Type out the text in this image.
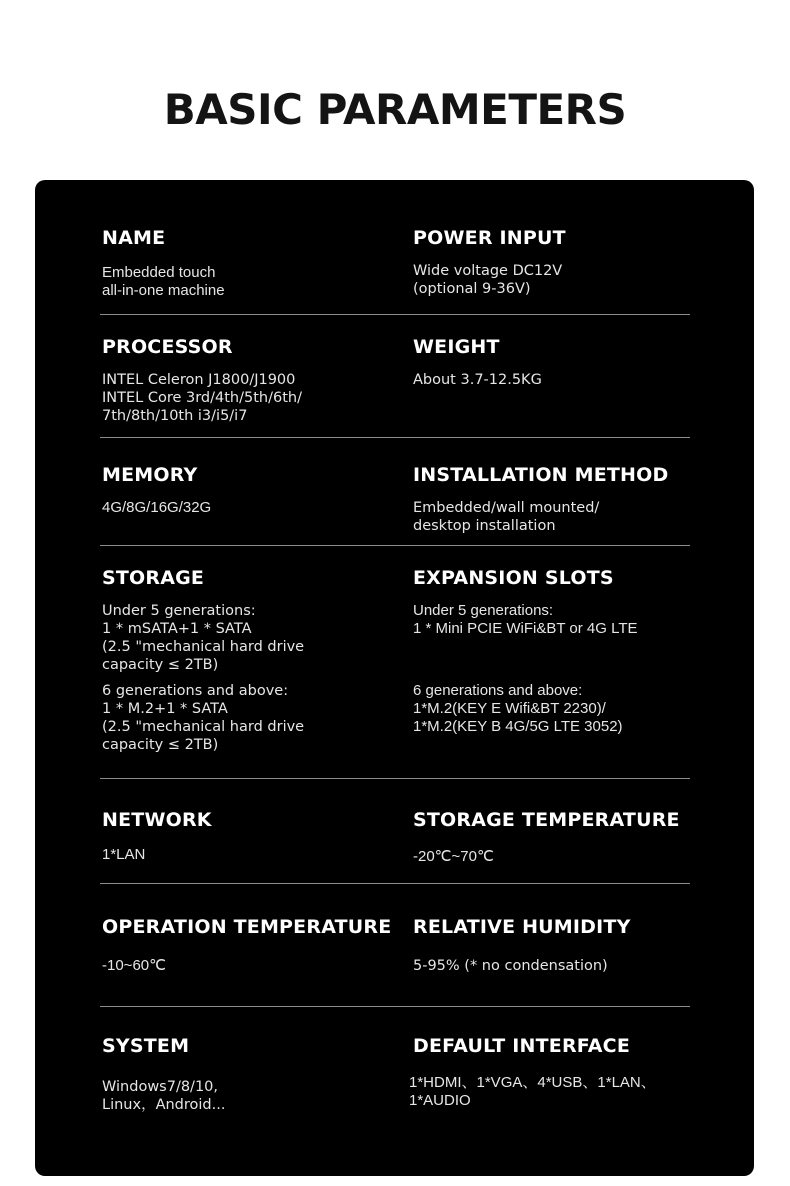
BASIC PARAMETERS
NAME
Embedded touch
all-in-one machine
POWER INPUT
Wide voltage DC12V
(optional 9-36V)
PROCESSOR
INTEL Celeron J1800/J1900
INTEL Core 3rd/4th/5th/6th/
7th/8th/10th i3/i5/i7
WEIGHT
About 3.7-12.5KG
MEMORY
4G/8G/16G/32G
INSTALLATION METHOD
Embedded/wall mounted/
desktop installation
STORAGE
Under 5 generations:
1 * mSATA+1 * SATA
(2.5 "mechanical hard drive
capacity ≤ 2TB)
6 generations and above:
1 * M.2+1 * SATA
(2.5 "mechanical hard drive
capacity ≤ 2TB)
EXPANSION SLOTS
Under 5 generations:
1 * Mini PCIE WiFi&BT or 4G LTE
6 generations and above:
1*M.2(KEY E Wifi&BT 2230)/
1*M.2(KEY B 4G/5G LTE 3052)
NETWORK
1*LAN
STORAGE TEMPERATURE
-20℃~70℃
OPERATION TEMPERATURE
-10~60℃
RELATIVE HUMIDITY
5-95% (* no condensation)
SYSTEM
Windows7/8/10,
Linux，Android...
DEFAULT INTERFACE
1*HDMI、1*VGA、4*USB、1*LAN、
1*AUDIO
